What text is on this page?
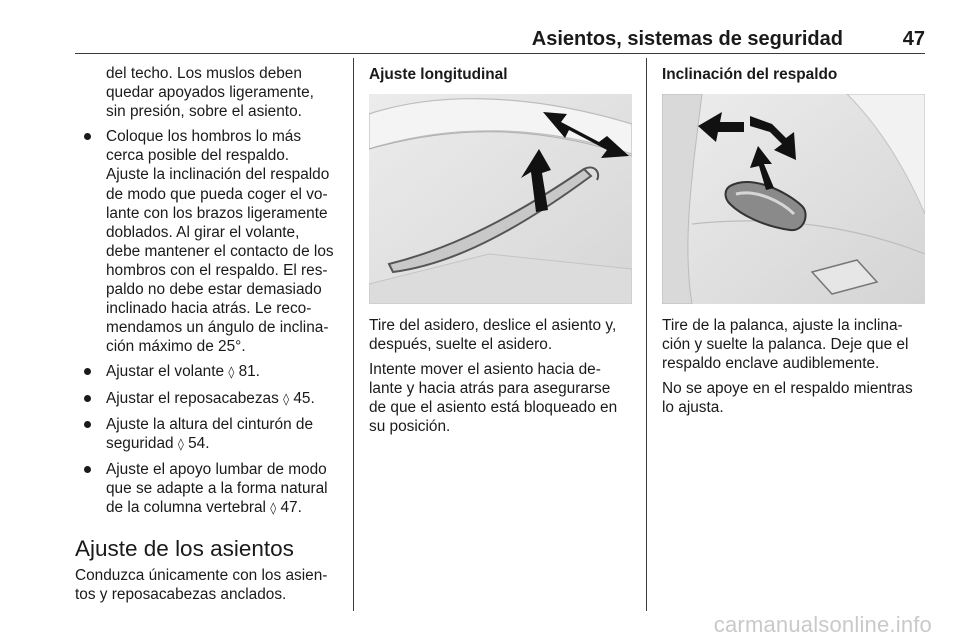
Asientos, sistemas de seguridad	47
del techo. Los muslos deben
quedar apoyados ligeramente,
sin presión, sobre el asiento.
Coloque los hombros lo más
cerca posible del respaldo.
Ajuste la inclinación del respaldo
de modo que pueda coger el vo-
lante con los brazos ligeramente
doblados. Al girar el volante,
debe mantener el contacto de los
hombros con el respaldo. El res-
paldo no debe estar demasiado
inclinado hacia atrás. Le reco-
mendamos un ángulo de inclina-
ción máximo de 25°.
Ajustar el volante ◊ 81.
Ajustar el reposacabezas ◊ 45.
Ajuste la altura del cinturón de
seguridad ◊ 54.
Ajuste el apoyo lumbar de modo
que se adapte a la forma natural
de la columna vertebral ◊ 47.
Ajuste de los asientos
Conduzca únicamente con los asien-
tos y reposacabezas anclados.
Ajuste longitudinal
Tire del asidero, deslice el asiento y,
después, suelte el asidero.
Intente mover el asiento hacia de-
lante y hacia atrás para asegurarse
de que el asiento está bloqueado en
su posición.
Inclinación del respaldo
Tire de la palanca, ajuste la inclina-
ción y suelte la palanca. Deje que el
respaldo enclave audiblemente.
No se apoye en el respaldo mientras
lo ajusta.
carmanualsonline.info
